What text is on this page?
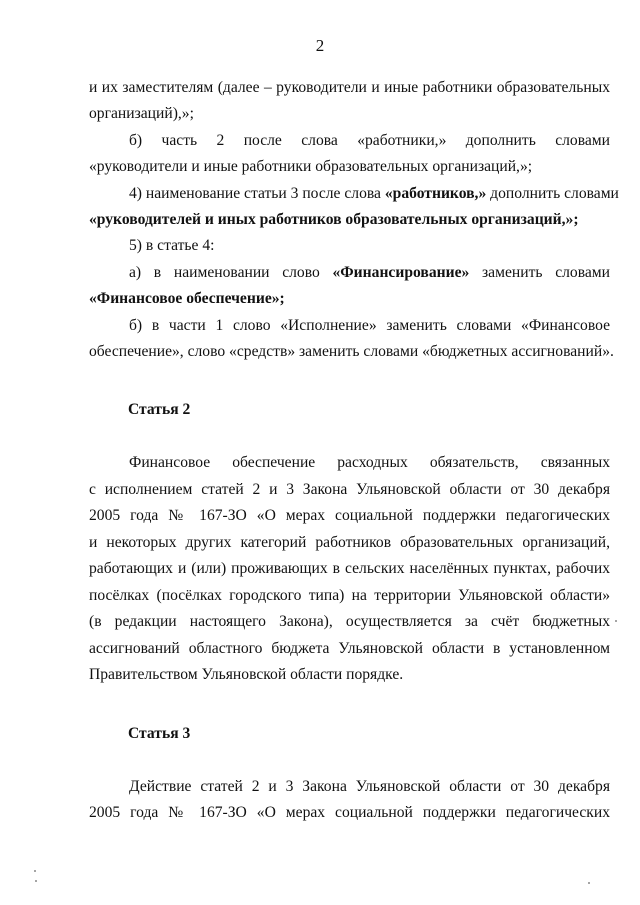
2
и их заместителям (далее – руководители и иные работники образовательных
организаций),»;
б) часть 2 после слова «работники,» дополнить словами
«руководители и иные работники образовательных организаций,»;
4) наименование статьи 3 после слова «работников,» дополнить словами
«руководителей и иных работников образовательных организаций,»;
5) в статье 4:
а) в наименовании слово «Финансирование» заменить словами
«Финансовое обеспечение»;
б) в части 1 слово «Исполнение» заменить словами «Финансовое
обеспечение», слово «средств» заменить словами «бюджетных ассигнований».
Статья 2
Финансовое обеспечение расходных обязательств, связанных
с исполнением статей 2 и 3 Закона Ульяновской области от 30 декабря
2005 года № 167-ЗО «О мерах социальной поддержки педагогических
и некоторых других категорий работников образовательных организаций,
работающих и (или) проживающих в сельских населённых пунктах, рабочих
посёлках (посёлках городского типа) на территории Ульяновской области»
(в редакции настоящего Закона), осуществляется за счёт бюджетных
ассигнований областного бюджета Ульяновской области в установленном
Правительством Ульяновской области порядке.
Статья 3
Действие статей 2 и 3 Закона Ульяновской области от 30 декабря
2005 года № 167-ЗО «О мерах социальной поддержки педагогических
